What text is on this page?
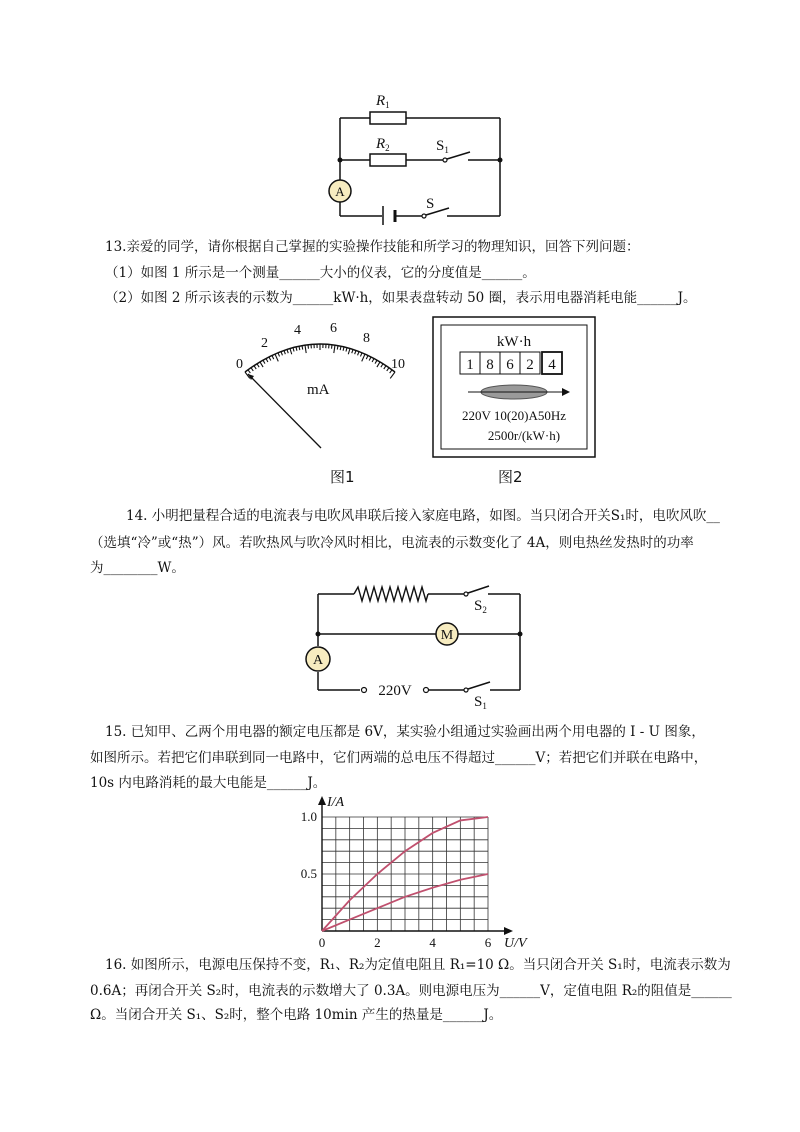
A
$R_1$
$R_2$	$S_1$
S
13.亲爱的同学，请你根据自己掌握的实验操作技能和所学习的物理知识，回答下列问题：
（1）如图 1 所示是一个测量______大小的仪表，它的分度值是______。
（2）如图 2 所示该表的示数为______kW·h，如果表盘转动 50 圈，表示用电器消耗电能______J。
0
2
4 6
8
10
mA
图1
kW·h
1 8 6 2 4
220V 10(20)A50Hz
2500r/(kW·h)
图2
14. 小明把量程合适的电流表与电吹风串联后接入家庭电路，如图。当只闭合开关S₁时，电吹风吹__
（选填“冷”或“热”）风。若吹热风与吹冷风时相比，电流表的示数变化了 4A，则电热丝发热时的功率
为________W。
M
A
220V
$S_2$
$S_1$
15. 已知甲、乙两个用电器的额定电压都是 6V，某实验小组通过实验画出两个用电器的 I - U 图象，
如图所示。若把它们串联到同一电路中，它们两端的总电压不得超过______V；若把它们并联在电路中，
10s 内电路消耗的最大电能是______J。
0	2	4	6
0.5
1.0
I/A
U/V
16. 如图所示，电源电压保持不变，R₁、R₂为定值电阻且 R₁=10 Ω。当只闭合开关 S₁时，电流表示数为
0.6A；再闭合开关 S₂时，电流表的示数增大了 0.3A。则电源电压为______V，定值电阻 R₂的阻值是______
Ω。当闭合开关 S₁、S₂时，整个电路 10min 产生的热量是______J。
